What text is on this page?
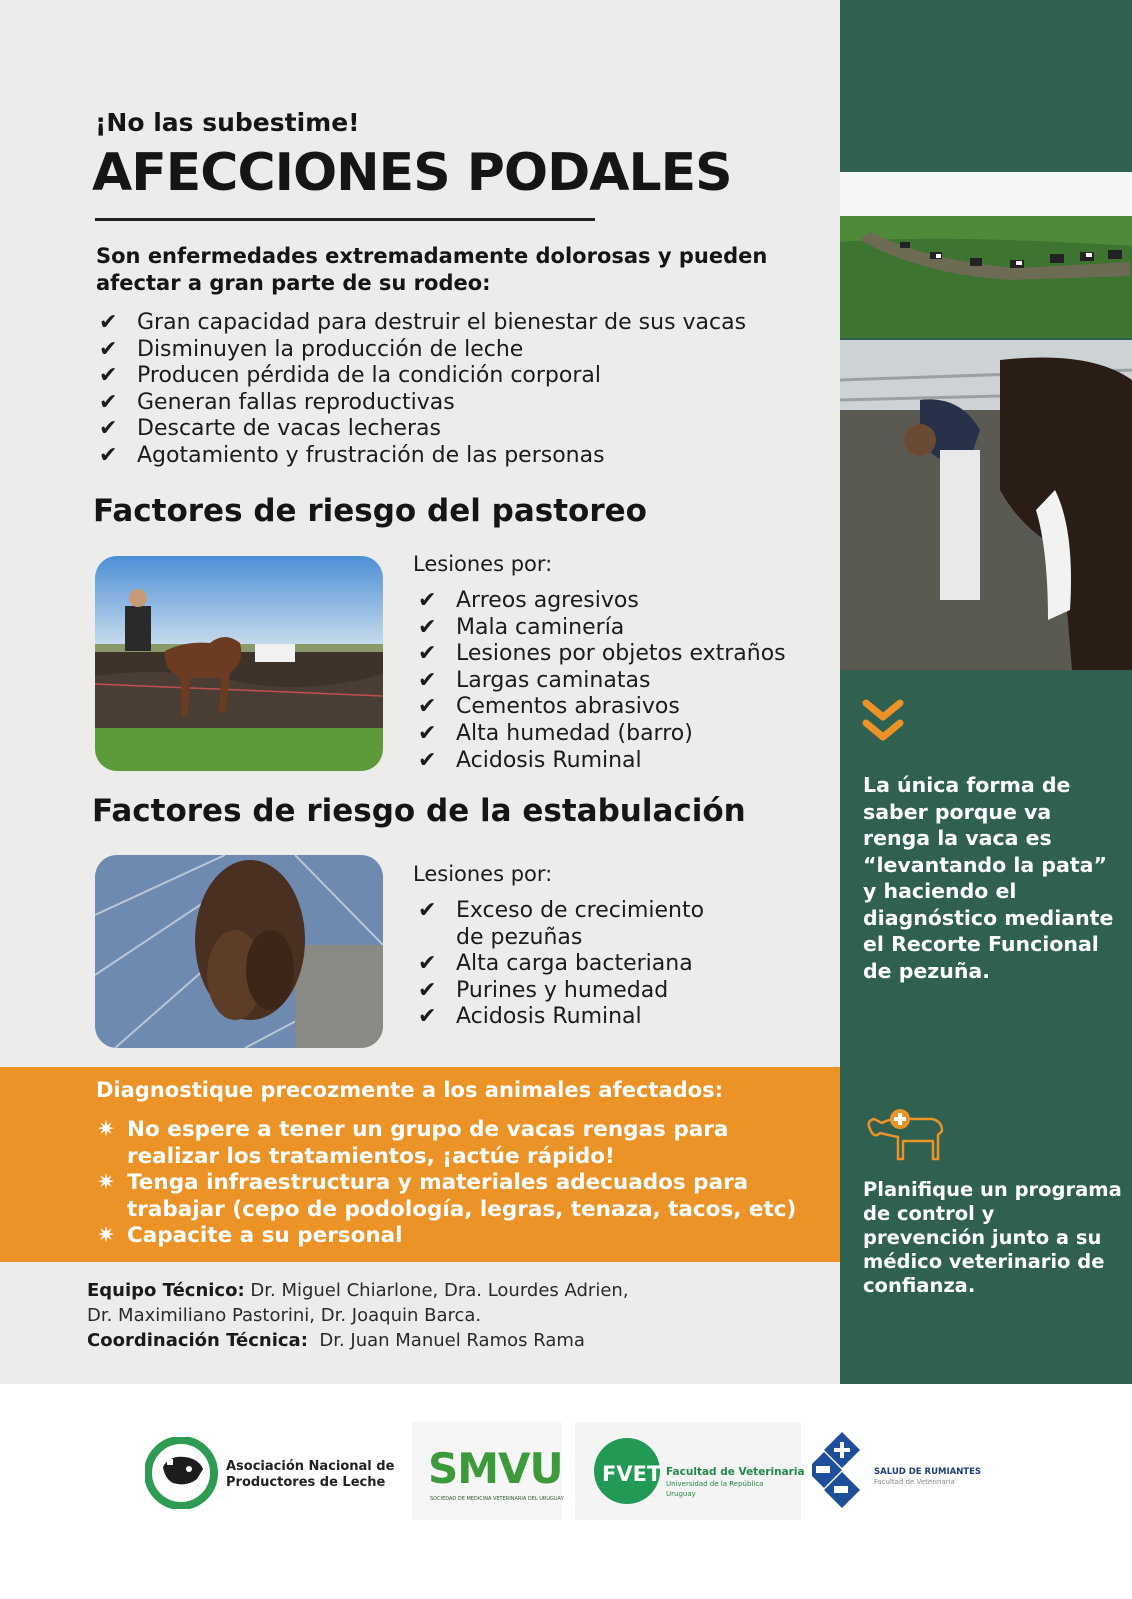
¡No las subestime!
AFECCIONES PODALES
Son enfermedades extremadamente dolorosas y pueden afectar a gran parte de su rodeo:
✔ Gran capacidad para destruir el bienestar de sus vacas
✔ Disminuyen la producción de leche
✔ Producen pérdida de la condición corporal
✔ Generan fallas reproductivas
✔ Descarte de vacas lecheras
✔ Agotamiento y frustración de las personas
Factores de riesgo del pastoreo
Lesiones por:
✔ Arreos agresivos
✔ Mala caminería
✔ Lesiones por objetos extraños
✔ Largas caminatas
✔ Cementos abrasivos
✔ Alta humedad (barro)
✔ Acidosis Ruminal
Factores de riesgo de la estabulación
Lesiones por:
✔ Exceso de crecimiento
de pezuñas
✔ Alta carga bacteriana
✔ Purines y humedad
✔ Acidosis Ruminal
Diagnostique precozmente a los animales afectados:
✷ No espere a tener un grupo de vacas rengas para realizar los tratamientos, ¡actúe rápido!
✷ Tenga infraestructura y materiales adecuados para trabajar (cepo de podología, legras, tenaza, tacos, etc)
✷ Capacite a su personal
Equipo Técnico: Dr. Miguel Chiarlone, Dra. Lourdes Adrien,
Dr. Maximiliano Pastorini, Dr. Joaquin Barca.
Coordinación Técnica:  Dr. Juan Manuel Ramos Rama
La única forma de saber porque va renga la vaca es “levantando la pata” y haciendo el diagnóstico mediante el Recorte Funcional de pezuña.
Planifique un programa de control y prevención junto a su médico veterinario de confianza.
Asociación Nacional de
Productores de Leche SMVU
SOCIEDAD DE MEDICINA VETERINARIA DEL URUGUAY
FVET Facultad de Veterinaria
Universidad de la República
Uruguay
SALUD DE RUMIANTES
Facultad de Veterinaria
